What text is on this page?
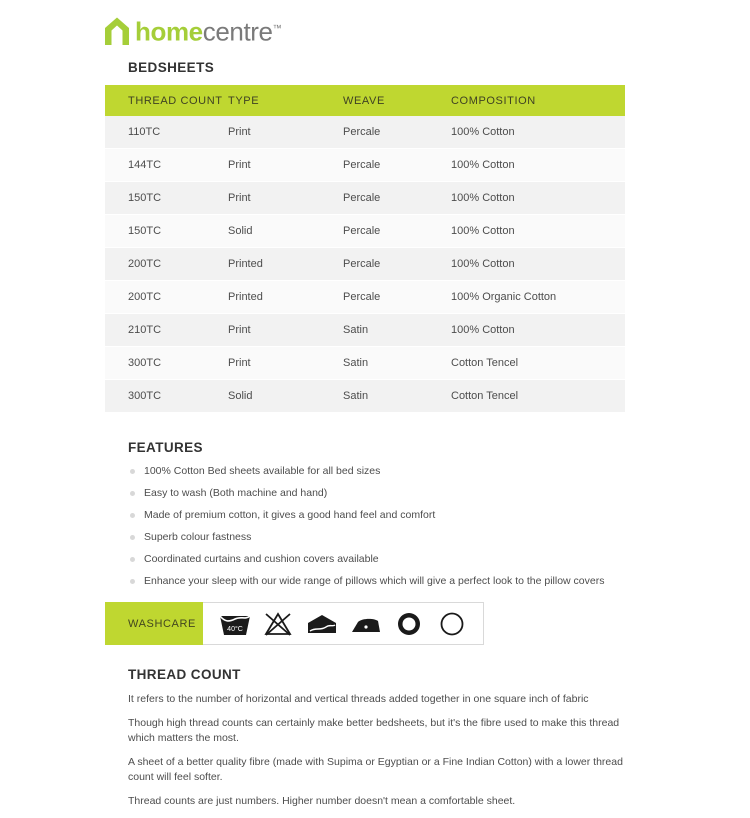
homecentre™
BEDSHEETS
THREAD COUNT	TYPE	WEAVE	COMPOSITION
110TC	Print	Percale	100% Cotton
144TC	Print	Percale	100% Cotton
150TC	Print	Percale	100% Cotton
150TC	Solid	Percale	100% Cotton
200TC	Printed	Percale	100% Cotton
200TC	Printed	Percale	100% Organic Cotton
210TC	Print	Satin	100% Cotton
300TC	Print	Satin	Cotton Tencel
300TC	Solid	Satin	Cotton Tencel
FEATURES
100% Cotton Bed sheets available for all bed sizes
Easy to wash (Both machine and hand)
Made of premium cotton, it gives a good hand feel and comfort
Superb colour fastness
Coordinated curtains and cushion covers available
Enhance your sleep with our wide range of pillows which will give a perfect look to the pillow covers
WASHCARE	40°C
THREAD COUNT

It refers to the number of horizontal and vertical threads added together in one square inch of fabric

Though high thread counts can certainly make better bedsheets, but it's the fibre used to make this thread which matters the most.

A sheet of a better quality fibre (made with Supima or Egyptian or a Fine Indian Cotton) with a lower thread count will feel softer.

Thread counts are just numbers. Higher number doesn't mean a comfortable sheet.
